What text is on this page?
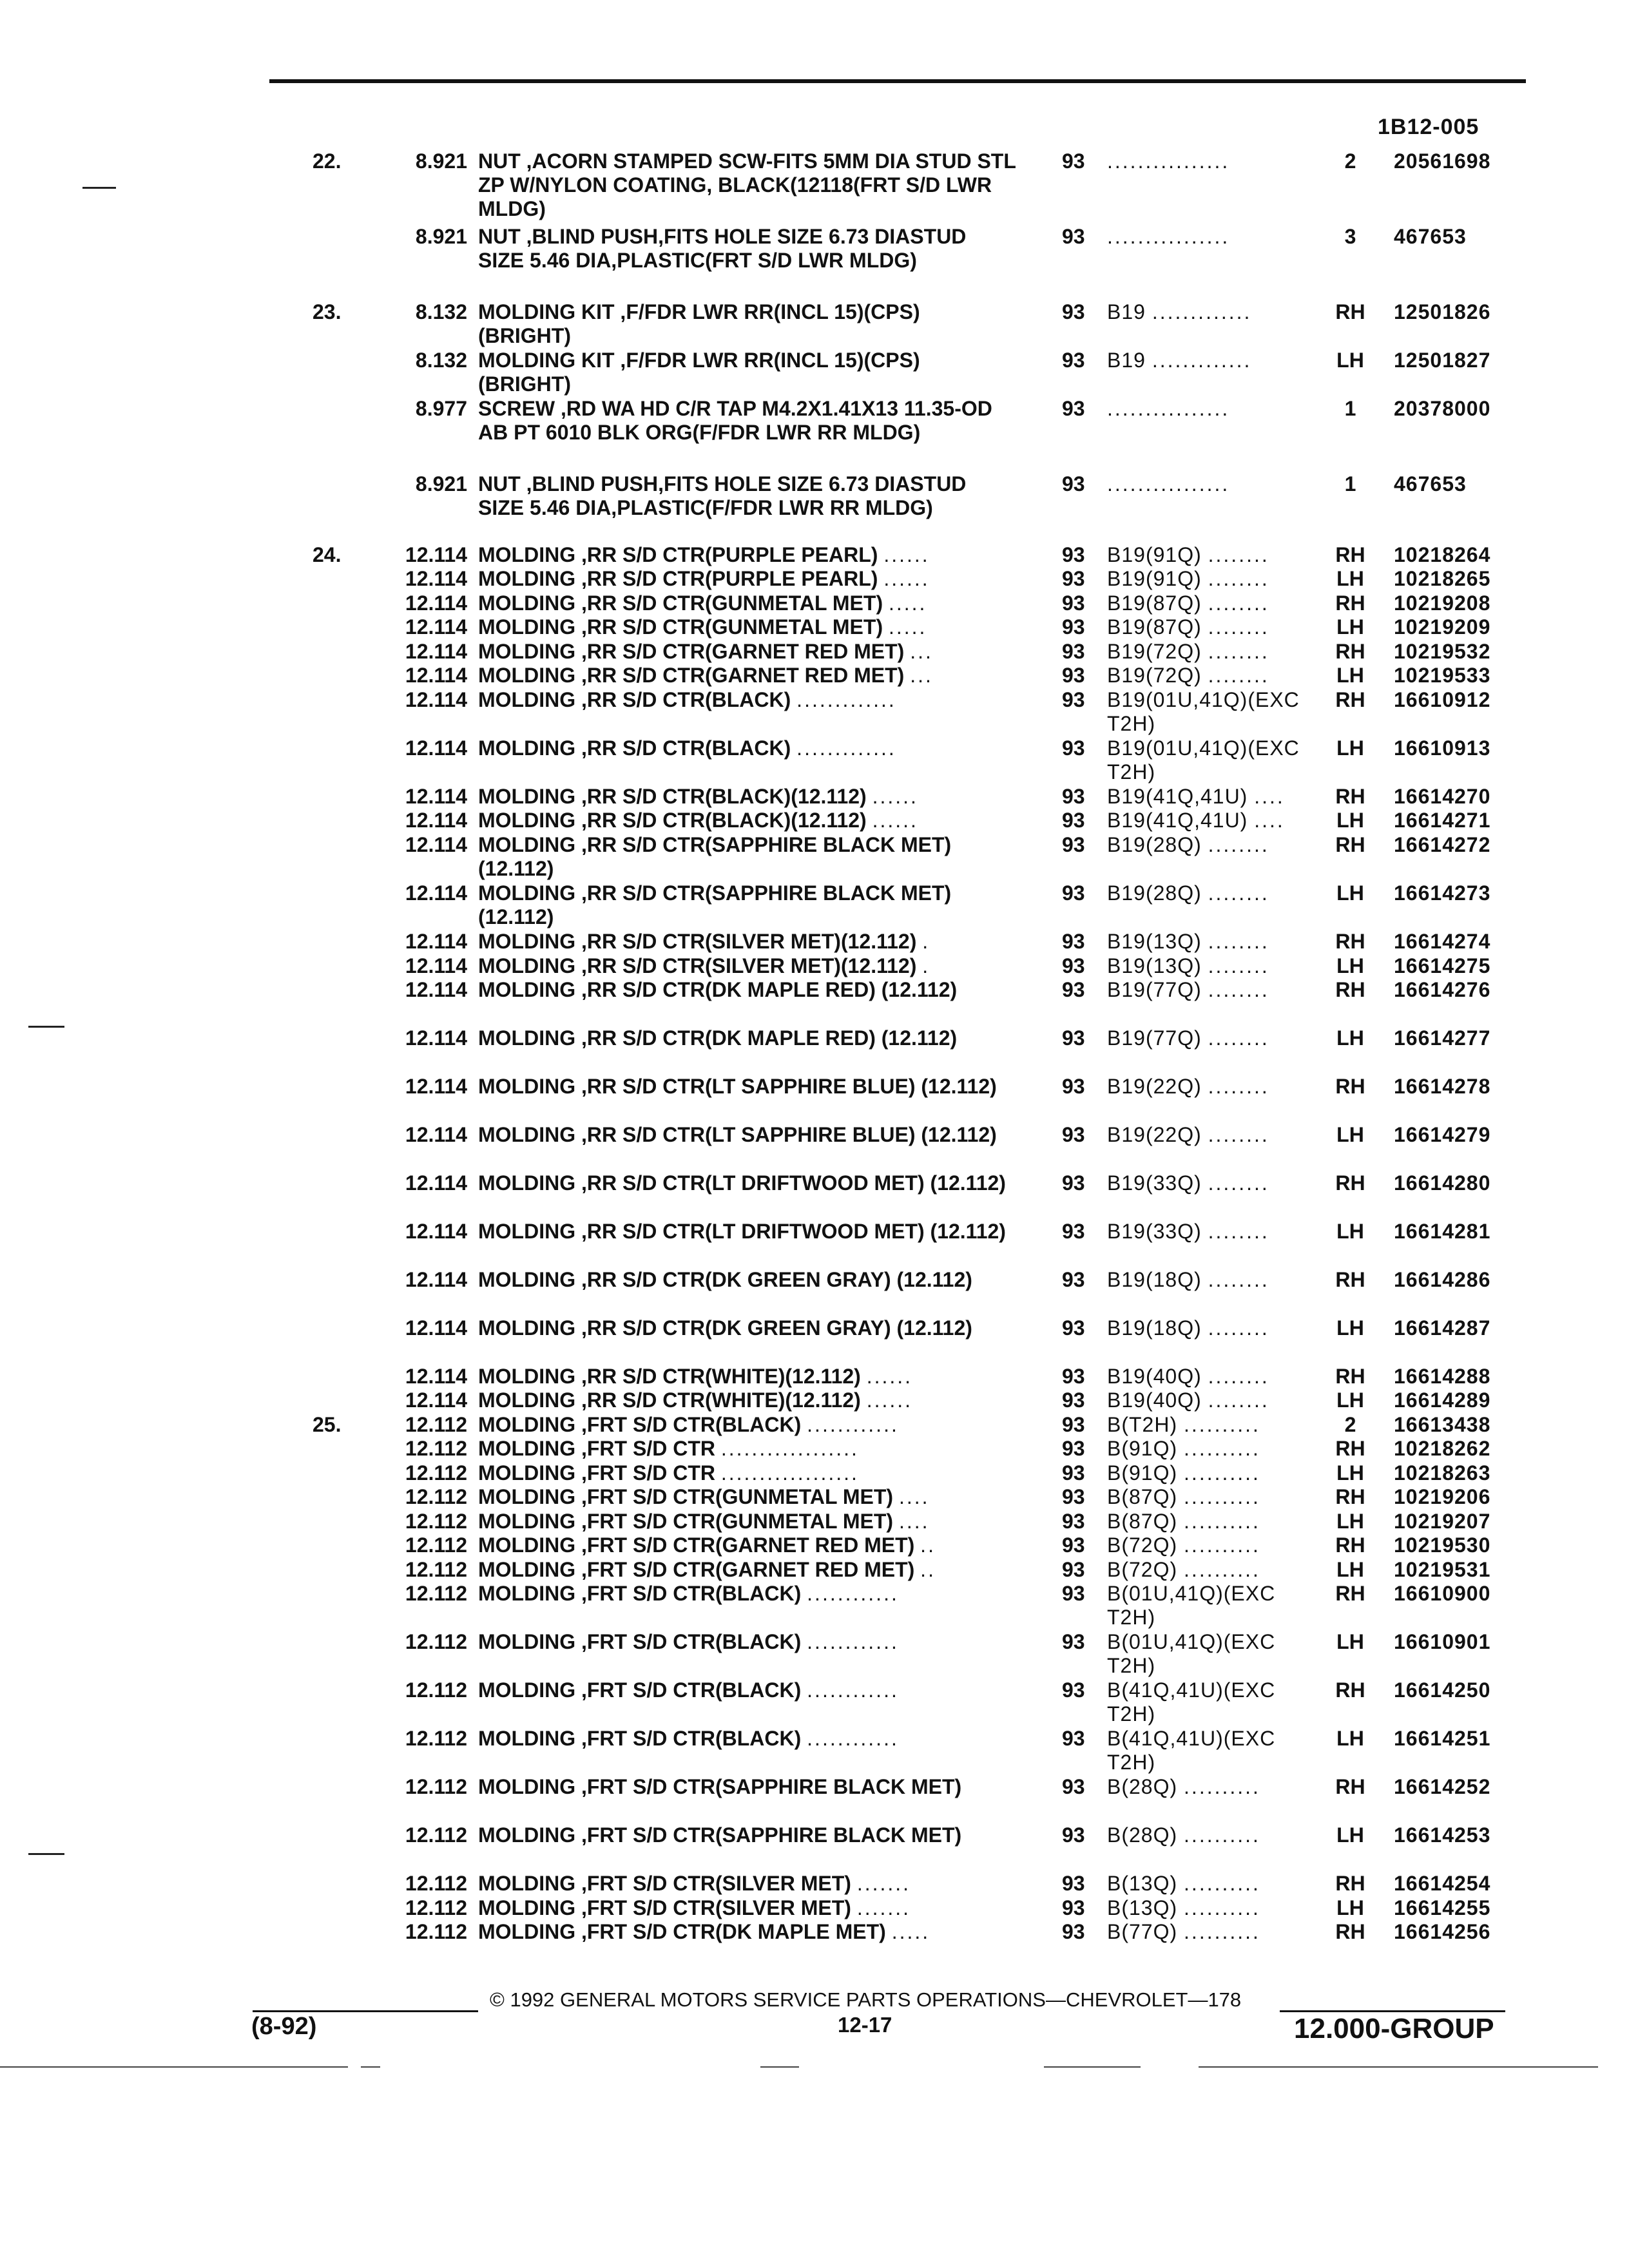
1B12-005
22.	8.921 NUT ,ACORN STAMPED SCW-FITS 5MM DIA STUD STL ZP W/NYLON COATING, BLACK(12118(FRT S/D LWR MLDG)
93 ................	2	20561698
8.921 NUT ,BLIND PUSH,FITS HOLE SIZE 6.73 DIASTUD SIZE 5.46 DIA,PLASTIC(FRT S/D LWR MLDG)
93 ................	3	467653
23.	8.132 MOLDING KIT ,F/FDR LWR RR(INCL 15)(CPS) (BRIGHT)
93 B19 .............	RH	12501826
8.132 MOLDING KIT ,F/FDR LWR RR(INCL 15)(CPS) (BRIGHT)
93 B19 .............	LH	12501827
8.977 SCREW ,RD WA HD C/R TAP M4.2X1.41X13 11.35-OD AB PT 6010 BLK ORG(F/FDR LWR RR MLDG)
93 ................	1	20378000
8.921 NUT ,BLIND PUSH,FITS HOLE SIZE 6.73 DIASTUD SIZE 5.46 DIA,PLASTIC(F/FDR LWR RR MLDG)
93 ................	1	467653
24.	12.114 MOLDING ,RR S/D CTR(PURPLE PEARL) ......	93 B19(91Q) ........	RH	10218264
12.114 MOLDING ,RR S/D CTR(PURPLE PEARL) ......	93 B19(91Q) ........	LH	10218265
12.114 MOLDING ,RR S/D CTR(GUNMETAL MET) .....	93 B19(87Q) ........	RH	10219208
12.114 MOLDING ,RR S/D CTR(GUNMETAL MET) .....	93 B19(87Q) ........	LH	10219209
12.114 MOLDING ,RR S/D CTR(GARNET RED MET) ...	93 B19(72Q) ........	RH	10219532
12.114 MOLDING ,RR S/D CTR(GARNET RED MET) ...	93 B19(72Q) ........	LH	10219533
12.114 MOLDING ,RR S/D CTR(BLACK) .............	93 B19(01U,41Q)(EXC T2H)
RH	16610912
12.114 MOLDING ,RR S/D CTR(BLACK) .............	93 B19(01U,41Q)(EXC T2H)
LH	16610913
12.114 MOLDING ,RR S/D CTR(BLACK)(12.112) ......	93 B19(41Q,41U) ....	RH	16614270
12.114 MOLDING ,RR S/D CTR(BLACK)(12.112) ......	93 B19(41Q,41U) ....	LH	16614271
12.114 MOLDING ,RR S/D CTR(SAPPHIRE BLACK MET) (12.112)
93 B19(28Q) ........	RH	16614272
12.114 MOLDING ,RR S/D CTR(SAPPHIRE BLACK MET) (12.112)
93 B19(28Q) ........	LH	16614273
12.114 MOLDING ,RR S/D CTR(SILVER MET)(12.112) .	93 B19(13Q) ........	RH	16614274
12.114 MOLDING ,RR S/D CTR(SILVER MET)(12.112) .	93 B19(13Q) ........	LH	16614275
12.114 MOLDING ,RR S/D CTR(DK MAPLE RED) (12.112)	93 B19(77Q) ........	RH	16614276
12.114 MOLDING ,RR S/D CTR(DK MAPLE RED) (12.112)	93 B19(77Q) ........	LH	16614277
12.114 MOLDING ,RR S/D CTR(LT SAPPHIRE BLUE) (12.112)	93 B19(22Q) ........	RH	16614278
12.114 MOLDING ,RR S/D CTR(LT SAPPHIRE BLUE) (12.112)	93 B19(22Q) ........	LH	16614279
12.114 MOLDING ,RR S/D CTR(LT DRIFTWOOD MET) (12.112)	93 B19(33Q) ........	RH	16614280
12.114 MOLDING ,RR S/D CTR(LT DRIFTWOOD MET) (12.112)	93 B19(33Q) ........	LH	16614281
12.114 MOLDING ,RR S/D CTR(DK GREEN GRAY) (12.112)	93 B19(18Q) ........	RH	16614286
12.114 MOLDING ,RR S/D CTR(DK GREEN GRAY) (12.112)	93 B19(18Q) ........	LH	16614287
12.114 MOLDING ,RR S/D CTR(WHITE)(12.112) ......	93 B19(40Q) ........	RH	16614288
12.114 MOLDING ,RR S/D CTR(WHITE)(12.112) ......	93 B19(40Q) ........	LH	16614289
25.	12.112 MOLDING ,FRT S/D CTR(BLACK) ............	93 B(T2H) ..........	2	16613438
12.112 MOLDING ,FRT S/D CTR ..................	93 B(91Q) ..........	RH	10218262
12.112 MOLDING ,FRT S/D CTR ..................	93 B(91Q) ..........	LH	10218263
12.112 MOLDING ,FRT S/D CTR(GUNMETAL MET) ....	93 B(87Q) ..........	RH	10219206
12.112 MOLDING ,FRT S/D CTR(GUNMETAL MET) ....	93 B(87Q) ..........	LH	10219207
12.112 MOLDING ,FRT S/D CTR(GARNET RED MET) ..	93 B(72Q) ..........	RH	10219530
12.112 MOLDING ,FRT S/D CTR(GARNET RED MET) ..	93 B(72Q) ..........	LH	10219531
12.112 MOLDING ,FRT S/D CTR(BLACK) ............	93 B(01U,41Q)(EXC T2H)
RH	16610900
12.112 MOLDING ,FRT S/D CTR(BLACK) ............	93 B(01U,41Q)(EXC T2H)
LH	16610901
12.112 MOLDING ,FRT S/D CTR(BLACK) ............	93 B(41Q,41U)(EXC T2H)
RH	16614250
12.112 MOLDING ,FRT S/D CTR(BLACK) ............	93 B(41Q,41U)(EXC T2H)
LH	16614251
12.112 MOLDING ,FRT S/D CTR(SAPPHIRE BLACK MET)	93 B(28Q) ..........	RH	16614252
12.112 MOLDING ,FRT S/D CTR(SAPPHIRE BLACK MET)	93 B(28Q) ..........	LH	16614253
12.112 MOLDING ,FRT S/D CTR(SILVER MET) .......	93 B(13Q) ..........	RH	16614254
12.112 MOLDING ,FRT S/D CTR(SILVER MET) .......	93 B(13Q) ..........	LH	16614255
12.112 MOLDING ,FRT S/D CTR(DK MAPLE MET) .....	93 B(77Q) ..........	RH	16614256
© 1992 GENERAL MOTORS SERVICE PARTS OPERATIONS—CHEVROLET—178
(8-92)	12-17	12.000-GROUP
